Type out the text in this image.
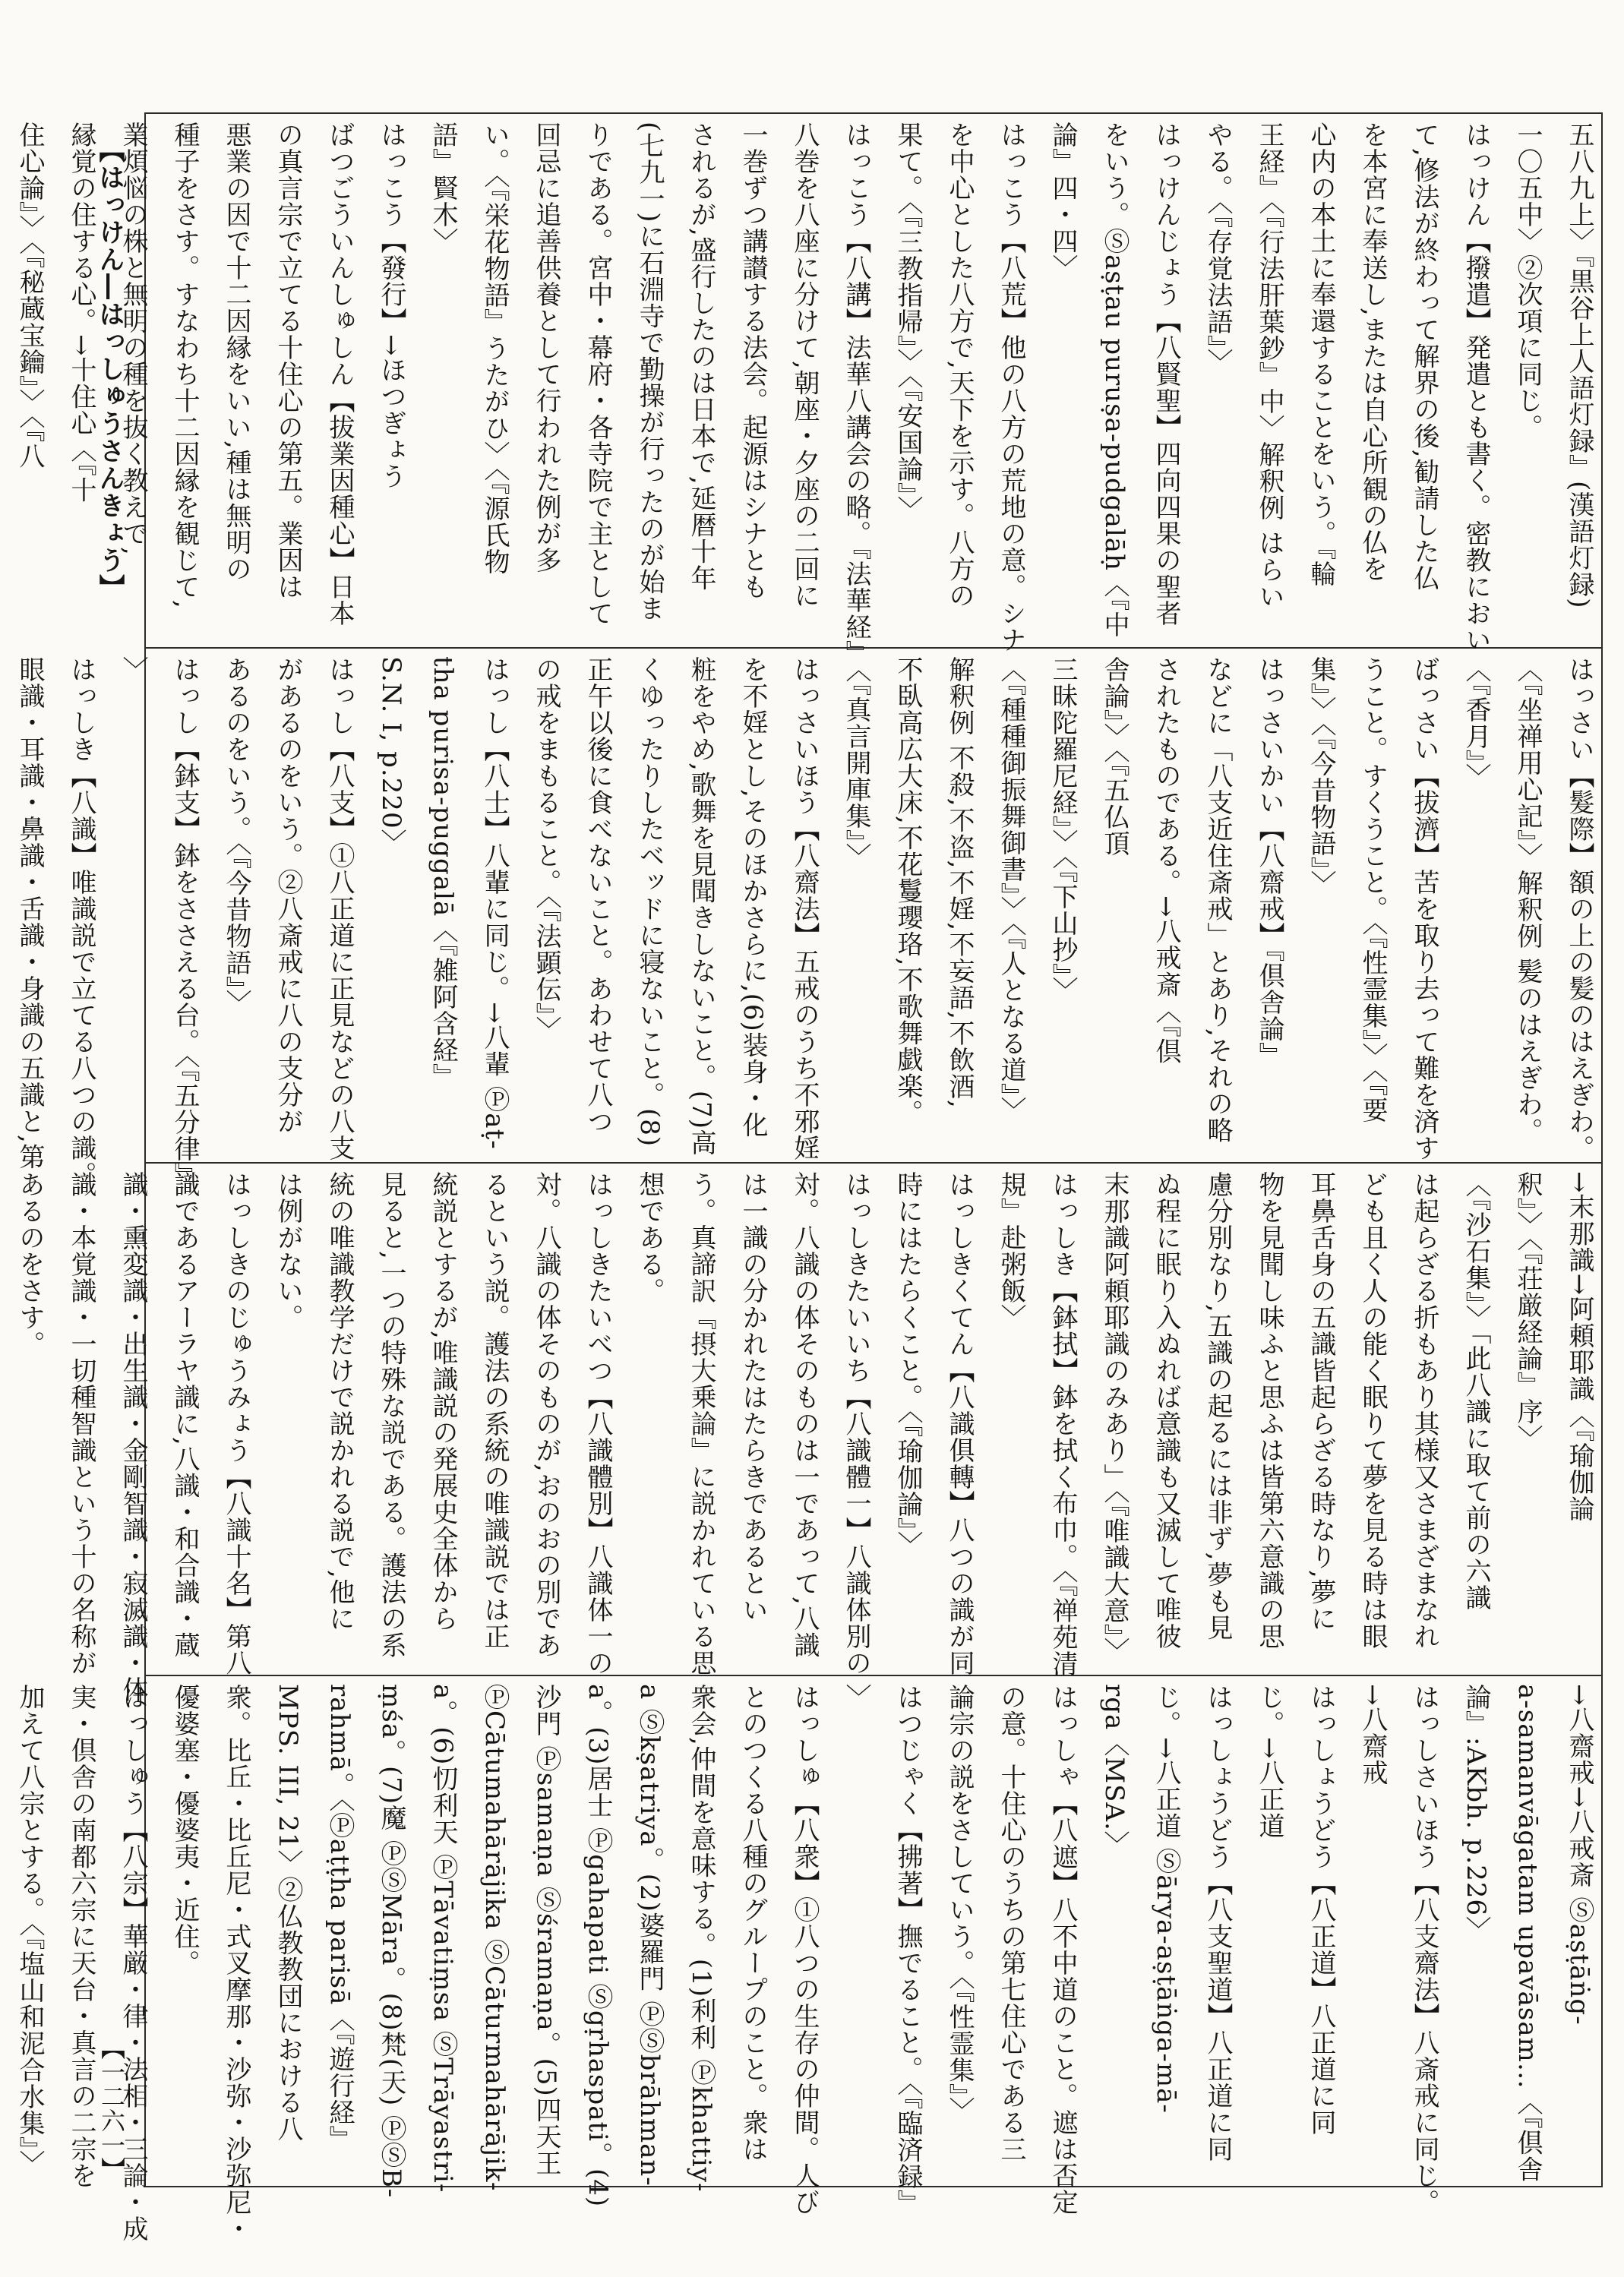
【はっけん―はっしゅうさんきょう】
【一二六一】
五八九上〉『黒谷上人語灯録』(漢語灯録)
一〇五中〉②次項に同じ。
はっけん【撥遣】発遣とも書く。密教におい
て,修法が終わって解界の後,勧請した仏
を本宮に奉送し,または自心所観の仏を
心内の本土に奉還することをいう。『輪
王経』〈『行法肝葉鈔』中〉解釈例 はらい
やる。〈『存覚法語』〉
はっけんじょう【八賢聖】四向四果の聖者
をいう。Ⓢaṣṭau puruṣa-pudgalāḥ〈『中
論』四・四〉
はっこう【八荒】他の八方の荒地の意。シナ
を中心とした八方で,天下を示す。八方の
果て。〈『三教指帰』〉〈『安国論』〉
はっこう【八講】法華八講会の略。『法華経』
八巻を八座に分けて,朝座・夕座の二回に
一巻ずつ講讃する法会。起源はシナとも
されるが,盛行したのは日本で,延暦十年
(七九一)に石淵寺で勤操が行ったのが始ま
りである。宮中・幕府・各寺院で主として
回忌に追善供養として行われた例が多
い。〈『栄花物語』うたがひ〉〈『源氏物
語』賢木〉
はっこう【發行】→ほつぎょう
ばつごういんしゅしん【拔業因種心】日本
の真言宗で立てる十住心の第五。業因は
悪業の因で十二因縁をいい,種は無明の
種子をさす。すなわち十二因縁を観じて,
業煩悩の株と無明の種を抜く教えで,
縁覚の住する心。→十住心〈『十
住心論』〉〈『秘蔵宝鑰』〉〈『八
はっさい【髮際】額の上の髪のはえぎわ。
〈『坐禅用心記』〉解釈例 髪のはえぎわ。
〈『香月』〉
ばっさい【拔濟】苦を取り去って難を済す
うこと。すくうこと。〈『性霊集』〉〈『要
集』〉〈『今昔物語』〉
はっさいかい【八齋戒】『倶舎論』
などに「八支近住斎戒」とあり,それの略
されたものである。→八戒斎〈『倶
舎論』〉〈『五仏頂
三昧陀羅尼経』〉〈『下山抄』〉
〈『種種御振舞御書』〉〈『人となる道』〉
解釈例 不殺,不盗,不婬,不妄語,不飲酒,
不臥高広大床,不花鬘瓔珞,不歌舞戯楽。
〈『真言開庫集』〉
はっさいほう【八齋法】五戒のうち不邪婬
を不婬とし,そのほかさらに,(6)装身・化
粧をやめ,歌舞を見聞きしないこと。(7)高
くゆったりしたベッドに寝ないこと。(8)
正午以後に食べないこと。あわせて八つ
の戒をまもること。〈『法顕伝』〉
はっし【八士】八輩に同じ。→八輩 Ⓟaṭ-
tha purisa-puggalā〈『雑阿含経』
S.N. I, p.220〉
はっし【八支】①八正道に正見などの八支
があるのをいう。②八斎戒に八の支分が
あるのをいう。〈『今昔物語』〉
はっし【鉢支】鉢をささえる台。〈『五分律』
〉
はっしき【八識】唯識説で立てる八つの識。
眼識・耳識・鼻識・舌識・身識の五識と,第
→末那識→阿頼耶識〈『瑜伽論
釈』〉〈『荘厳経論』序〉
〈『沙石集』〉「此八識に取て前の六識
は起らざる折もあり其様又さまざまなれ
ども且く人の能く眠りて夢を見る時は眼
耳鼻舌身の五識皆起らざる時なり,夢に
物を見聞し味ふと思ふは皆第六意識の思
慮分別なり,五識の起るには非ず,夢も見
ぬ程に眠り入ぬれば意識も又滅して唯彼
末那識阿頼耶識のみあり」〈『唯識大意』〉
はっしき【鉢拭】鉢を拭く布巾。〈『禅苑清
規』赴粥飯〉
はっしきくてん【八識俱轉】八つの識が同
時にはたらくこと。〈『瑜伽論』〉
はっしきたいいち【八識體一】八識体別の
対。八識の体そのものは一であって,八識
は一識の分かれたはたらきであるとい
う。真諦訳『摂大乗論』に説かれている思
想である。
はっしきたいべつ【八識體別】八識体一の
対。八識の体そのものが,おのおの別であ
るという説。護法の系統の唯識説では正
統説とするが,唯識説の発展史全体から
見ると,一つの特殊な説である。護法の系
統の唯識教学だけで説かれる説で,他に
は例がない。
はっしきのじゅうみょう【八識十名】第八
識であるアーラヤ識に,八識・和合識・蔵
識・熏変識・出生識・金剛智識・寂滅識・体
識・本覚識・一切種智識という十の名称が
あるのをさす。
→八齋戒→八戒斎 Ⓢaṣṭāṅg-
a-samanvāgatam upavāsam…〈『倶舎
論』:AKbh. p.226〉
はっしさいほう【八支齋法】八斎戒に同じ。
→八齋戒
はっしょうどう【八正道】八正道に同
じ。→八正道
はっしょうどう【八支聖道】八正道に同
じ。→八正道 Ⓢārya-aṣṭāṅga-mā-
rga〈MSA.〉
はっしゃ【八遮】八不中道のこと。遮は否定
の意。十住心のうちの第七住心である三
論宗の説をさしていう。〈『性霊集』〉
はつじゃく【拂著】撫でること。〈『臨済録』
〉
はっしゅ【八衆】①八つの生存の仲間。人び
とのつくる八種のグループのこと。衆は
衆会,仲間を意味する。(1)利利 Ⓟkhattiy-
a Ⓢkṣatriya。(2)婆羅門 ⓅⓈbrāhman-
a。(3)居士 Ⓟgahapati Ⓢgṛhaspati。(4)
沙門 Ⓟsamaṇa Ⓢśramaṇa。(5)四天王
ⓅCātumahārājika ⓈCāturmahārājik-
a。(6)忉利天 ⓅTāvatiṃsa ⓈTrāyastri-
ṃśa。(7)魔 ⓅⓈMāra。(8)梵(天) ⓅⓈB-
rahmā。〈Ⓟaṭṭha parisā〈『遊行経』
MPS. III, 21〉②仏教教団における八
衆。比丘・比丘尼・式叉摩那・沙弥・沙弥尼・
優婆塞・優婆夷・近住。
はっしゅう【八宗】華厳・律・法相・三論・成
実・倶舎の南都六宗に天台・真言の二宗を
加えて八宗とする。〈『塩山和泥合水集』〉
